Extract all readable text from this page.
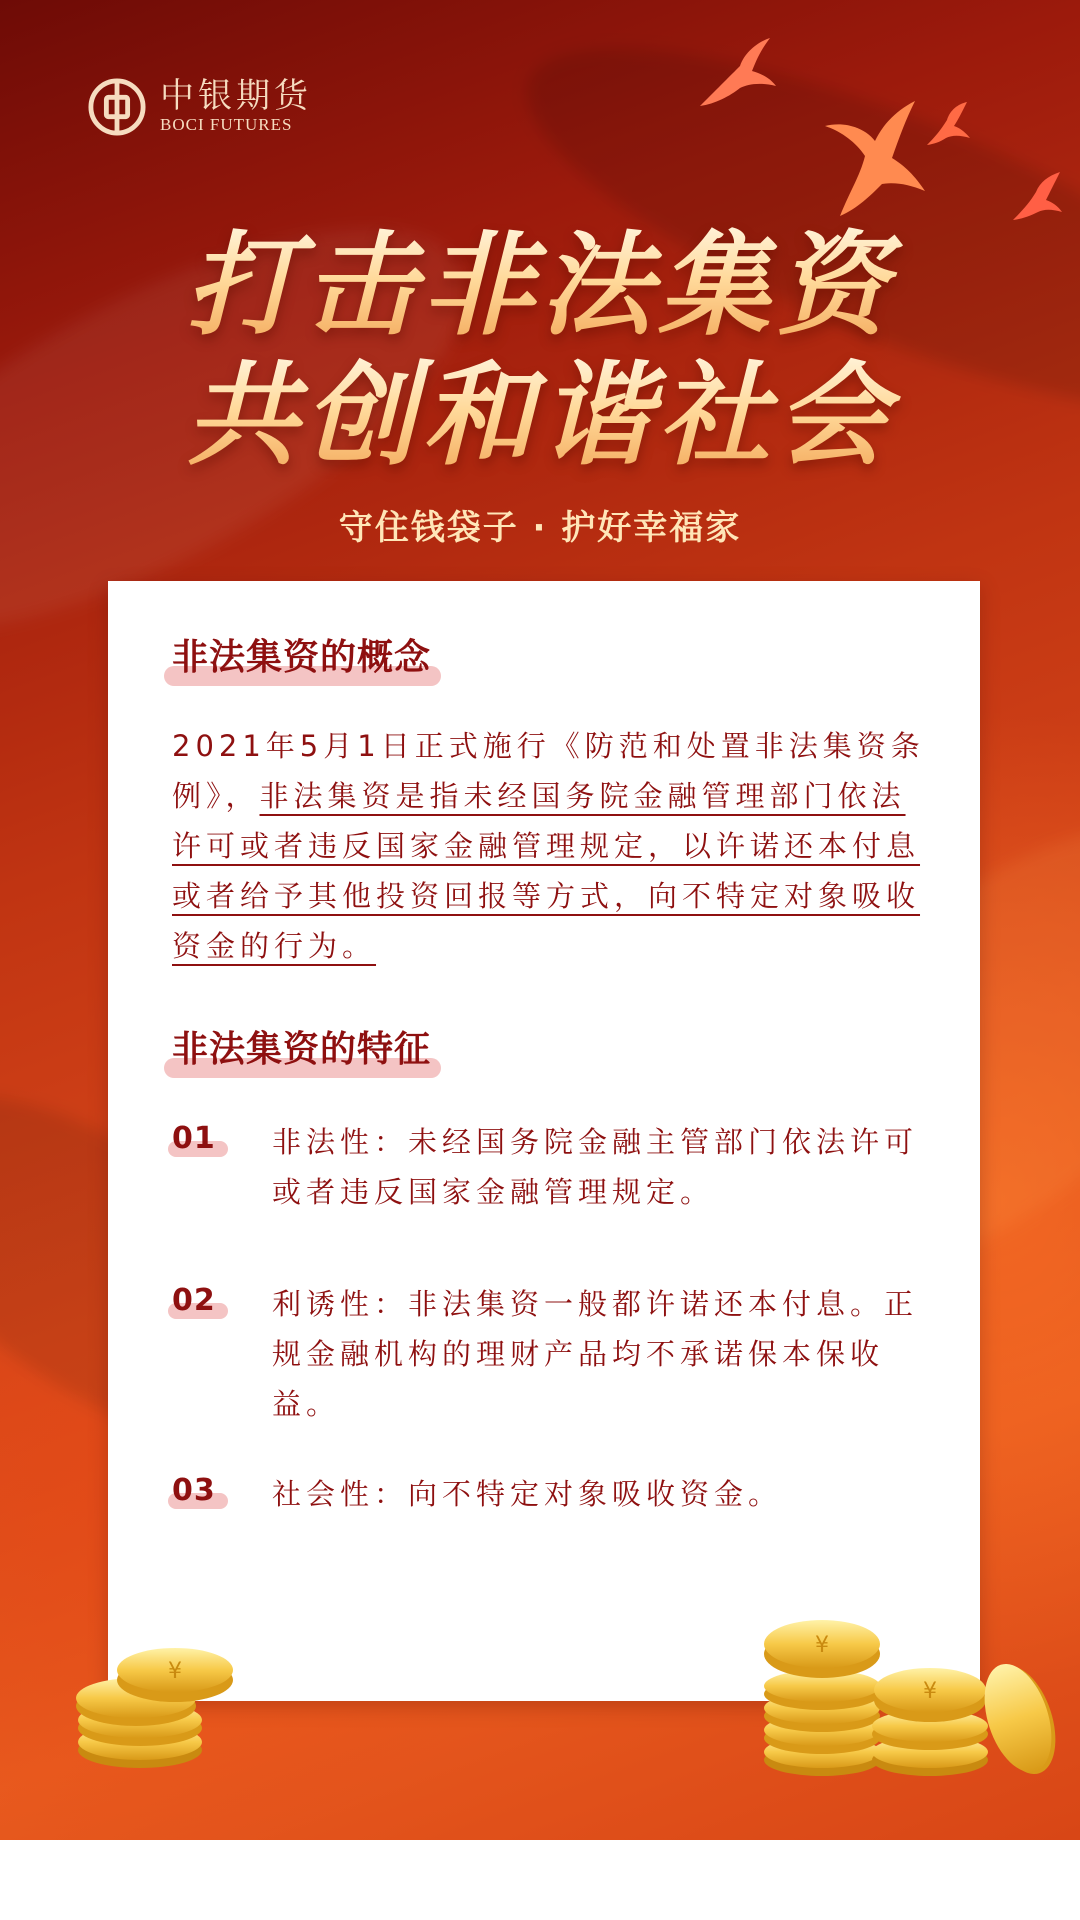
中银期货
BOCI FUTURES
打击非法集资
共创和谐社会
守住钱袋子 · 护好幸福家
非法集资的概念
2021年5月1日正式施行《防范和处置非法集资条例》，非法集资是指未经国务院金融管理部门依法许可或者违反国家金融管理规定，以许诺还本付息或者给予其他投资回报等方式，向不特定对象吸收资金的行为。
非法集资的特征
01	非法性：未经国务院金融主管部门依法许可或者违反国家金融管理规定。
02	利诱性：非法集资一般都许诺还本付息。正规金融机构的理财产品均不承诺保本保收益。
03	社会性：向不特定对象吸收资金。
¥
¥
¥
